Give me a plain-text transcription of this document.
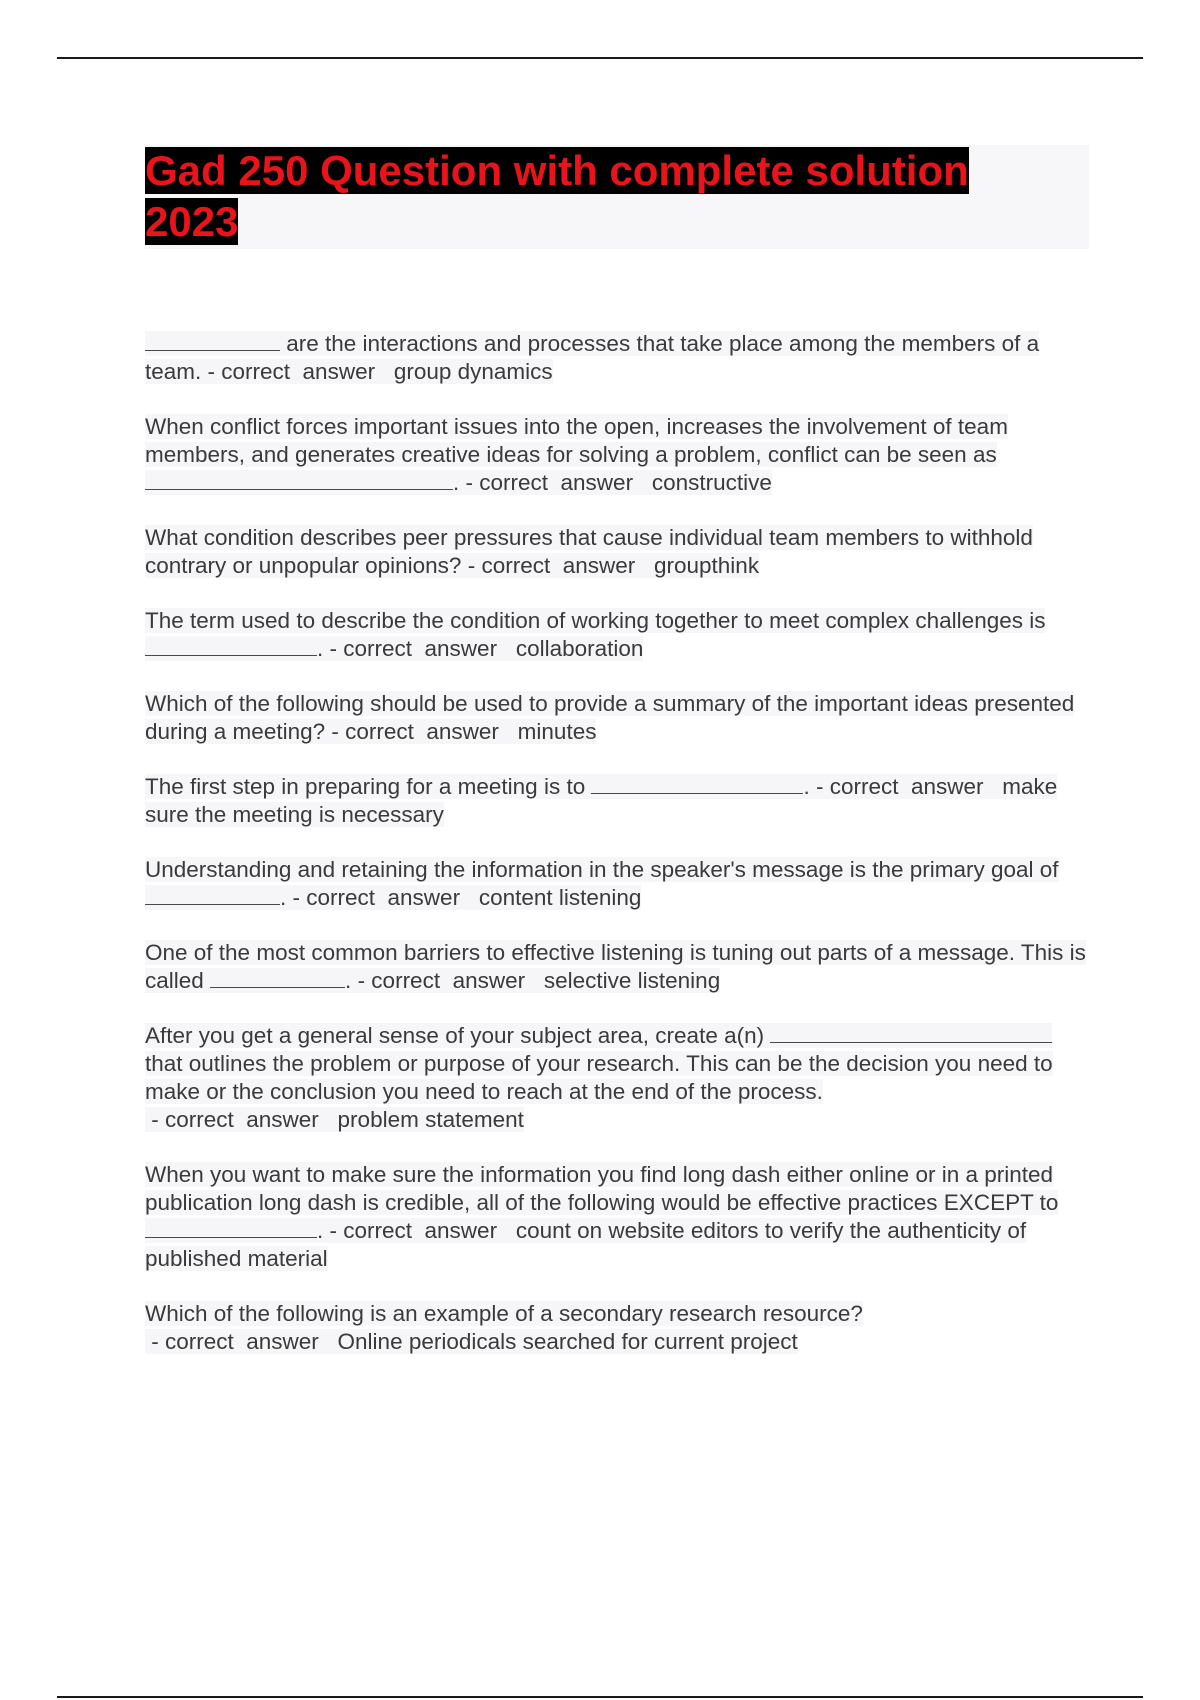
Gad 250 Question with complete solution 2023

are the interactions and processes that take place among the members of a team. - correct  answer   group dynamics

When conflict forces important issues into the open, increases the involvement of team members, and generates creative ideas for solving a problem, conflict can be seen as . - correct  answer   constructive

What condition describes peer pressures that cause individual team members to withhold contrary or unpopular opinions? - correct  answer   groupthink

The term used to describe the condition of working together to meet complex challenges is . - correct  answer   collaboration

Which of the following should be used to provide a summary of the important ideas presented during a meeting? - correct  answer   minutes

The first step in preparing for a meeting is to	. - correct  answer   make sure the meeting is necessary

Understanding and retaining the information in the speaker's message is the primary goal of . - correct  answer   content listening

One of the most common barriers to effective listening is tuning out parts of a message. This is called	. - correct  answer   selective listening

After you get a general sense of your subject area, create a(n)  that outlines the problem or purpose of your research. This can be the decision you need to make or the conclusion you need to reach at the end of the process. - correct  answer   problem statement

When you want to make sure the information you find long dash either online or in a printed publication long dash is credible, all of the following would be effective practices EXCEPT to . - correct  answer   count on website editors to verify the authenticity of published material

Which of the following is an example of a secondary research resource? - correct  answer   Online periodicals searched for current project
